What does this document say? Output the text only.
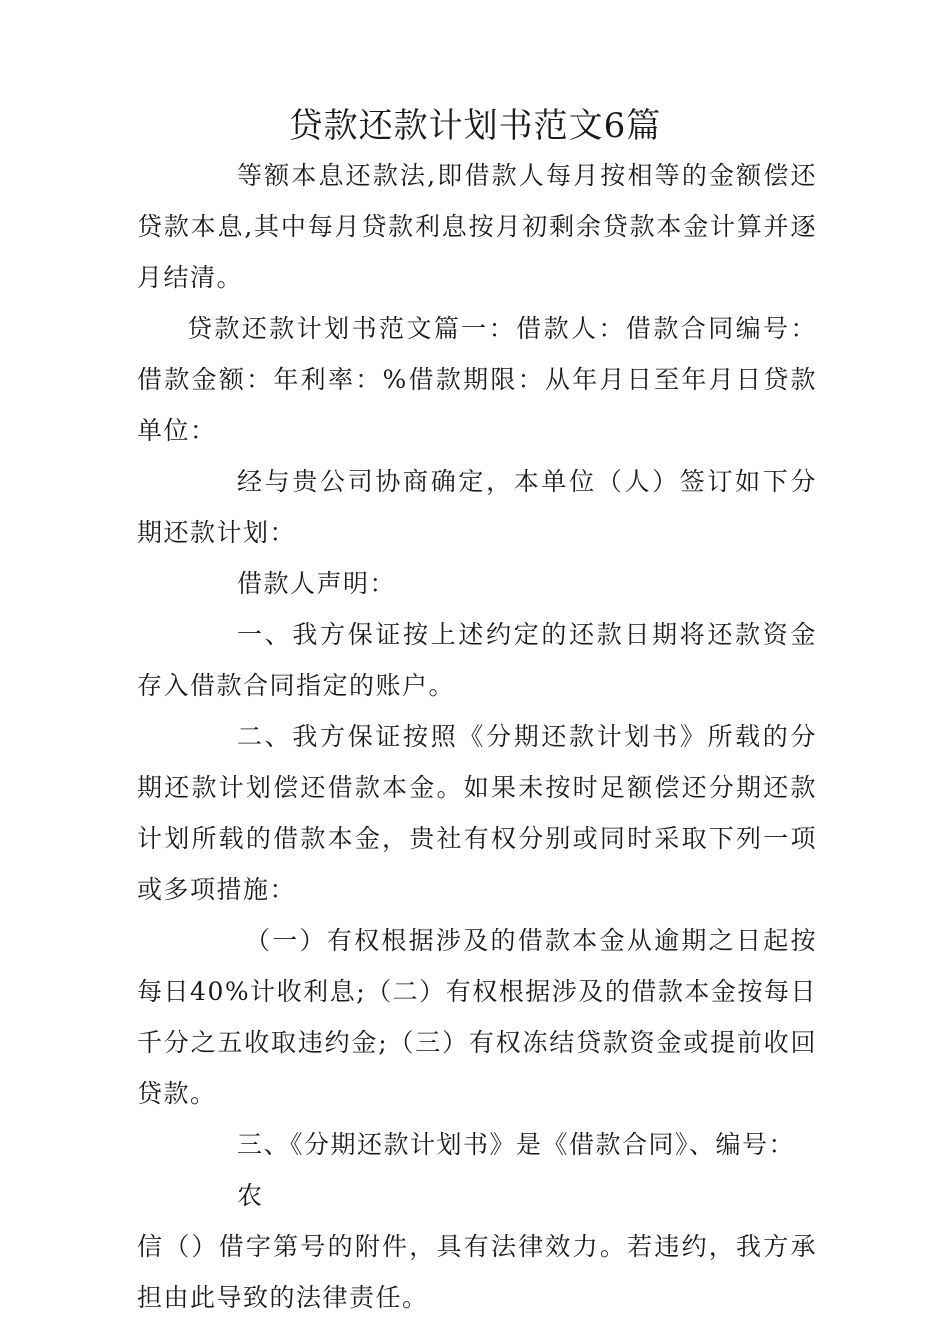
贷款还款计划书范文6篇

等额本息还款法,即借款人每月按相等的金额偿还贷款本息,其中每月贷款利息按月初剩余贷款本金计算并逐月结清。

贷款还款计划书范文篇一：借款人：借款合同编号：借款金额：年利率：%借款期限：从年月日至年月日贷款单位：

经与贵公司协商确定，本单位（人）签订如下分期还款计划：

借款人声明：

一、我方保证按上述约定的还款日期将还款资金存入借款合同指定的账户。

二、我方保证按照《分期还款计划书》所载的分期还款计划偿还借款本金。如果未按时足额偿还分期还款计划所载的借款本金，贵社有权分别或同时采取下列一项或多项措施：

（一）有权根据涉及的借款本金从逾期之日起按每日40%计收利息;（二）有权根据涉及的借款本金按每日千分之五收取违约金;（三）有权冻结贷款资金或提前收回贷款。

三、《分期还款计划书》是《借款合同》、编号：

农

信（）借字第号的附件，具有法律效力。若违约，我方承担由此导致的法律责任。
